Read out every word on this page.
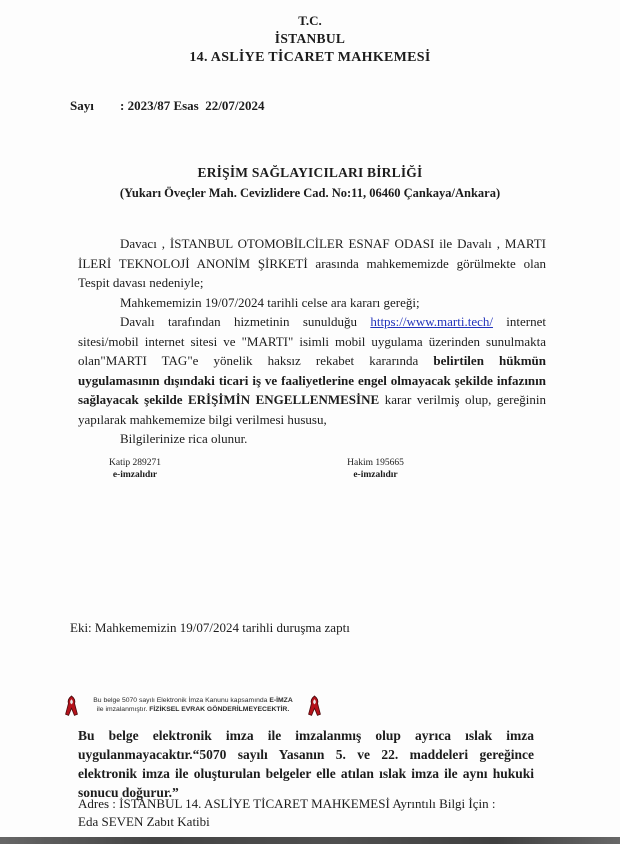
T.C.
İSTANBUL
14. ASLİYE TİCARET MAHKEMESİ
Sayı : 2023/87 Esas  22/07/2024
ERİŞİM SAĞLAYICILARI BİRLİĞİ
(Yukarı Öveçler Mah. Cevizlidere Cad. No:11, 06460 Çankaya/Ankara)

Davacı , İSTANBUL OTOMOBİLCİLER ESNAF ODASI ile Davalı , MARTI İLERİ TEKNOLOJİ ANONİM ŞİRKETİ arasında mahkememizde görülmekte olan Tespit davası nedeniyle;

Mahkememizin 19/07/2024 tarihli celse ara kararı gereği;

Davalı tarafından hizmetinin sunulduğu https://www.marti.tech/ internet sitesi/mobil internet sitesi ve "MARTI" isimli mobil uygulama üzerinden sunulmakta olan"MARTI TAG"e yönelik haksız rekabet kararında belirtilen hükmün uygulamasının dışındaki ticari iş ve faaliyetlerine engel olmayacak şekilde infazının sağlayacak şekilde ERİŞİMİN ENGELLENMESİNE karar verilmiş olup, gereğinin yapılarak mahkememize bilgi verilmesi hususu,

Bilgilerinize rica olunur.

Katip 289271
e-imzalıdır
Hakim 195665
e-imzalıdır
Eki: Mahkememizin 19/07/2024 tarihli duruşma zaptı
Bu belge 5070 sayılı Elektronik İmza Kanunu kapsamında E-İMZA
ile imzalanmıştır. FİZİKSEL EVRAK GÖNDERİLMEYECEKTİR.
Bu belge elektronik imza ile imzalanmış olup ayrıca ıslak imza uygulanmayacaktır.“5070 sayılı Yasanın 5. ve 22. maddeleri gereğince elektronik imza ile oluşturulan belgeler elle atılan ıslak imza ile aynı hukuki sonucu doğurur.”
Adres : İSTANBUL 14. ASLİYE TİCARET MAHKEMESİ Ayrıntılı Bilgi İçin :
Eda SEVEN Zabıt Katibi
